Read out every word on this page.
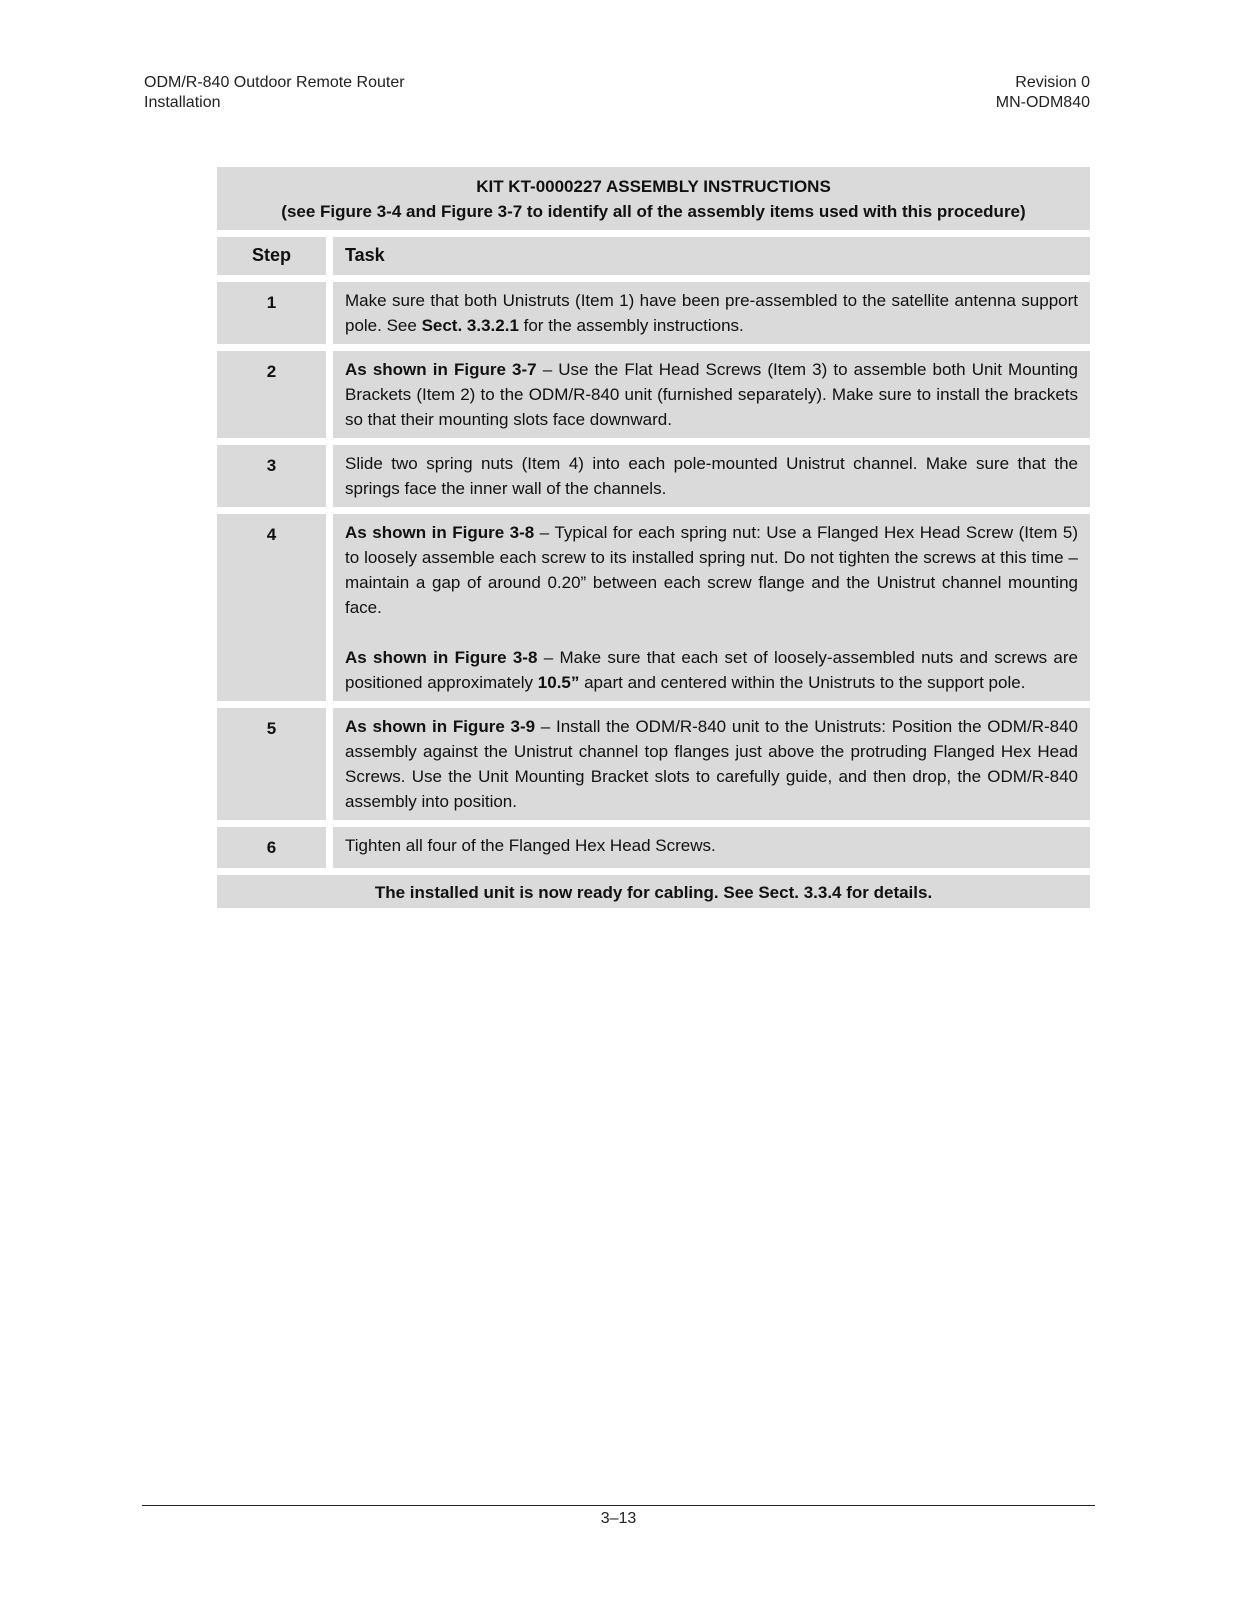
ODM/R-840 Outdoor Remote Router
Installation
Revision 0
MN-ODM840
KIT KT-0000227 ASSEMBLY INSTRUCTIONS
(see Figure 3-4 and Figure 3-7 to identify all of the assembly items used with this procedure)	

Step	Task
1	Make sure that both Unistruts (Item 1) have been pre-assembled to the satellite antenna support pole. See Sect. 3.3.2.1 for the assembly instructions.

2	As shown in Figure 3-7 – Use the Flat Head Screws (Item 3) to assemble both Unit Mounting Brackets (Item 2) to the ODM/R-840 unit (furnished separately). Make sure to install the brackets so that their mounting slots face downward.

3	Slide two spring nuts (Item 4) into each pole-mounted Unistrut channel. Make sure that the springs face the inner wall of the channels.

4	As shown in Figure 3-8 – Typical for each spring nut: Use a Flanged Hex Head Screw (Item 5) to loosely assemble each screw to its installed spring nut. Do not tighten the screws at this time – maintain a gap of around 0.20” between each screw flange and the Unistrut channel mounting face.

As shown in Figure 3-8 – Make sure that each set of loosely-assembled nuts and screws are positioned approximately 10.5” apart and centered within the Unistruts to the support pole.

5	As shown in Figure 3-9 – Install the ODM/R-840 unit to the Unistruts: Position the ODM/R-840 assembly against the Unistrut channel top flanges just above the protruding Flanged Hex Head Screws. Use the Unit Mounting Bracket slots to carefully guide, and then drop, the ODM/R-840 assembly into position.

6	Tighten all four of the Flanged Hex Head Screws.

The installed unit is now ready for cabling. See Sect. 3.3.4 for details.	
3–13
